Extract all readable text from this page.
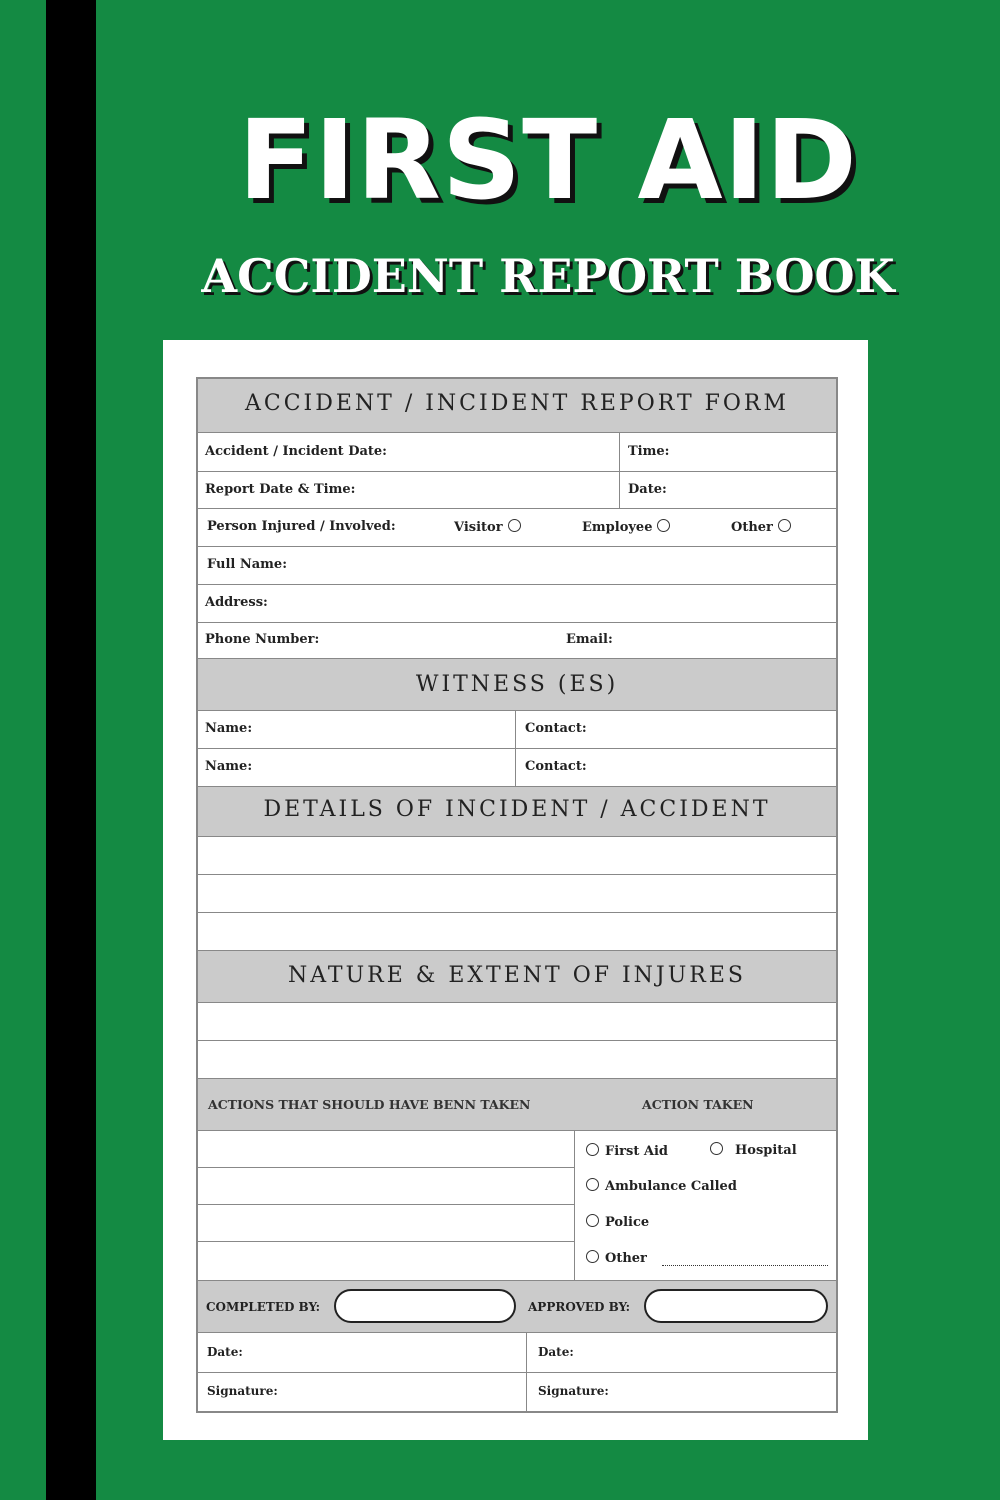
FIRST AID
ACCIDENT REPORT BOOK
ACCIDENT / INCIDENT REPORT FORM
Accident / Incident Date:	Time:
Report Date & Time:	Date:
Person Injured / Involved:	Visitor	Employee	Other
Full Name:
Address:
Phone Number:	Email:
WITNESS (ES)
Name:	Contact:
Name:	Contact:
DETAILS OF INCIDENT / ACCIDENT
NATURE & EXTENT OF INJURES
ACTIONS THAT SHOULD HAVE BENN TAKEN	ACTION TAKEN
First Aid	Hospital
Ambulance Called
Police
Other
COMPLETED BY:	APPROVED BY:
Date:	Date:
Signature:	Signature:
